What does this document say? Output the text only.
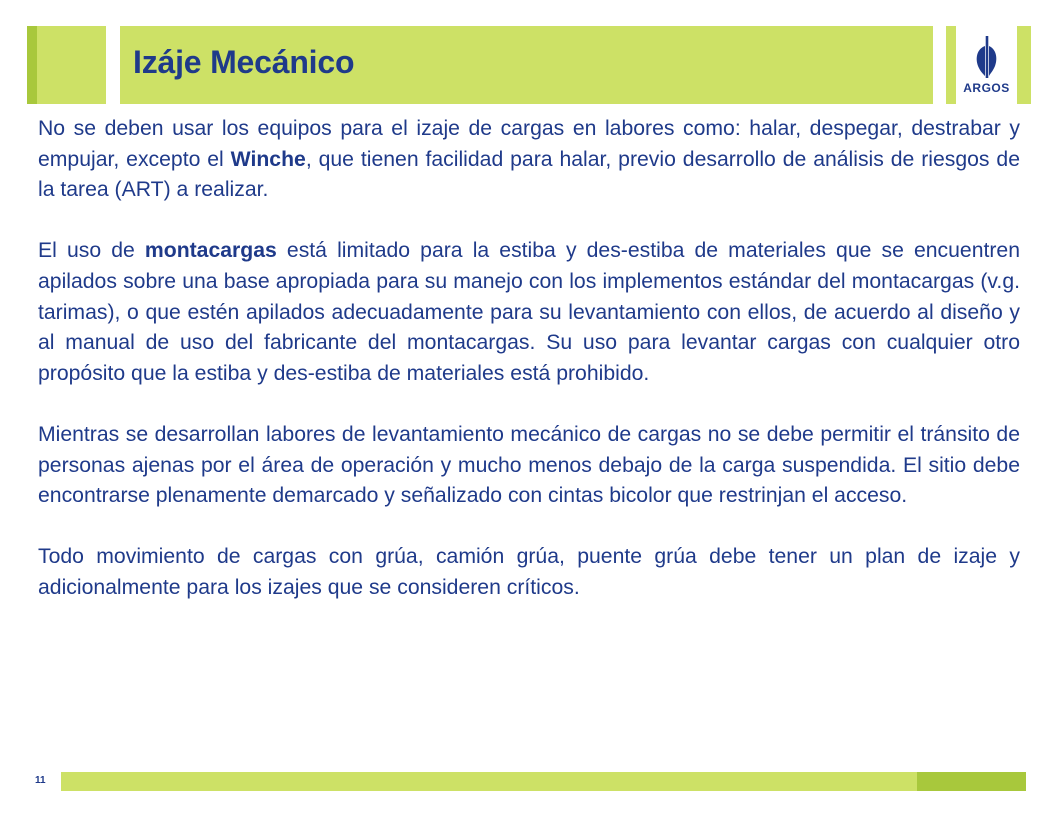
Izáje Mecánico
ARGOS

No se deben usar los equipos para el izaje de cargas en labores como: halar, despegar, destrabar y empujar, excepto el Winche, que tienen facilidad para halar, previo desarrollo de análisis de riesgos de la tarea (ART) a realizar.

El uso de montacargas está limitado para la estiba y des-estiba de materiales que se encuentren apilados sobre una base apropiada para su manejo con los implementos estándar del montacargas (v.g. tarimas), o que estén apilados adecuadamente para su levantamiento con ellos, de acuerdo al diseño y al manual de uso del fabricante del montacargas. Su uso para levantar cargas con cualquier otro propósito que la estiba y des-estiba de materiales está prohibido.

Mientras se desarrollan labores de levantamiento mecánico de cargas no se debe permitir el tránsito de personas ajenas por el área de operación y mucho menos debajo de la carga suspendida. El sitio debe encontrarse plenamente demarcado y señalizado con cintas bicolor que restrinjan el acceso.

Todo movimiento de cargas con grúa, camión grúa, puente grúa debe tener un plan de izaje y adicionalmente para los izajes que se consideren críticos.

11
